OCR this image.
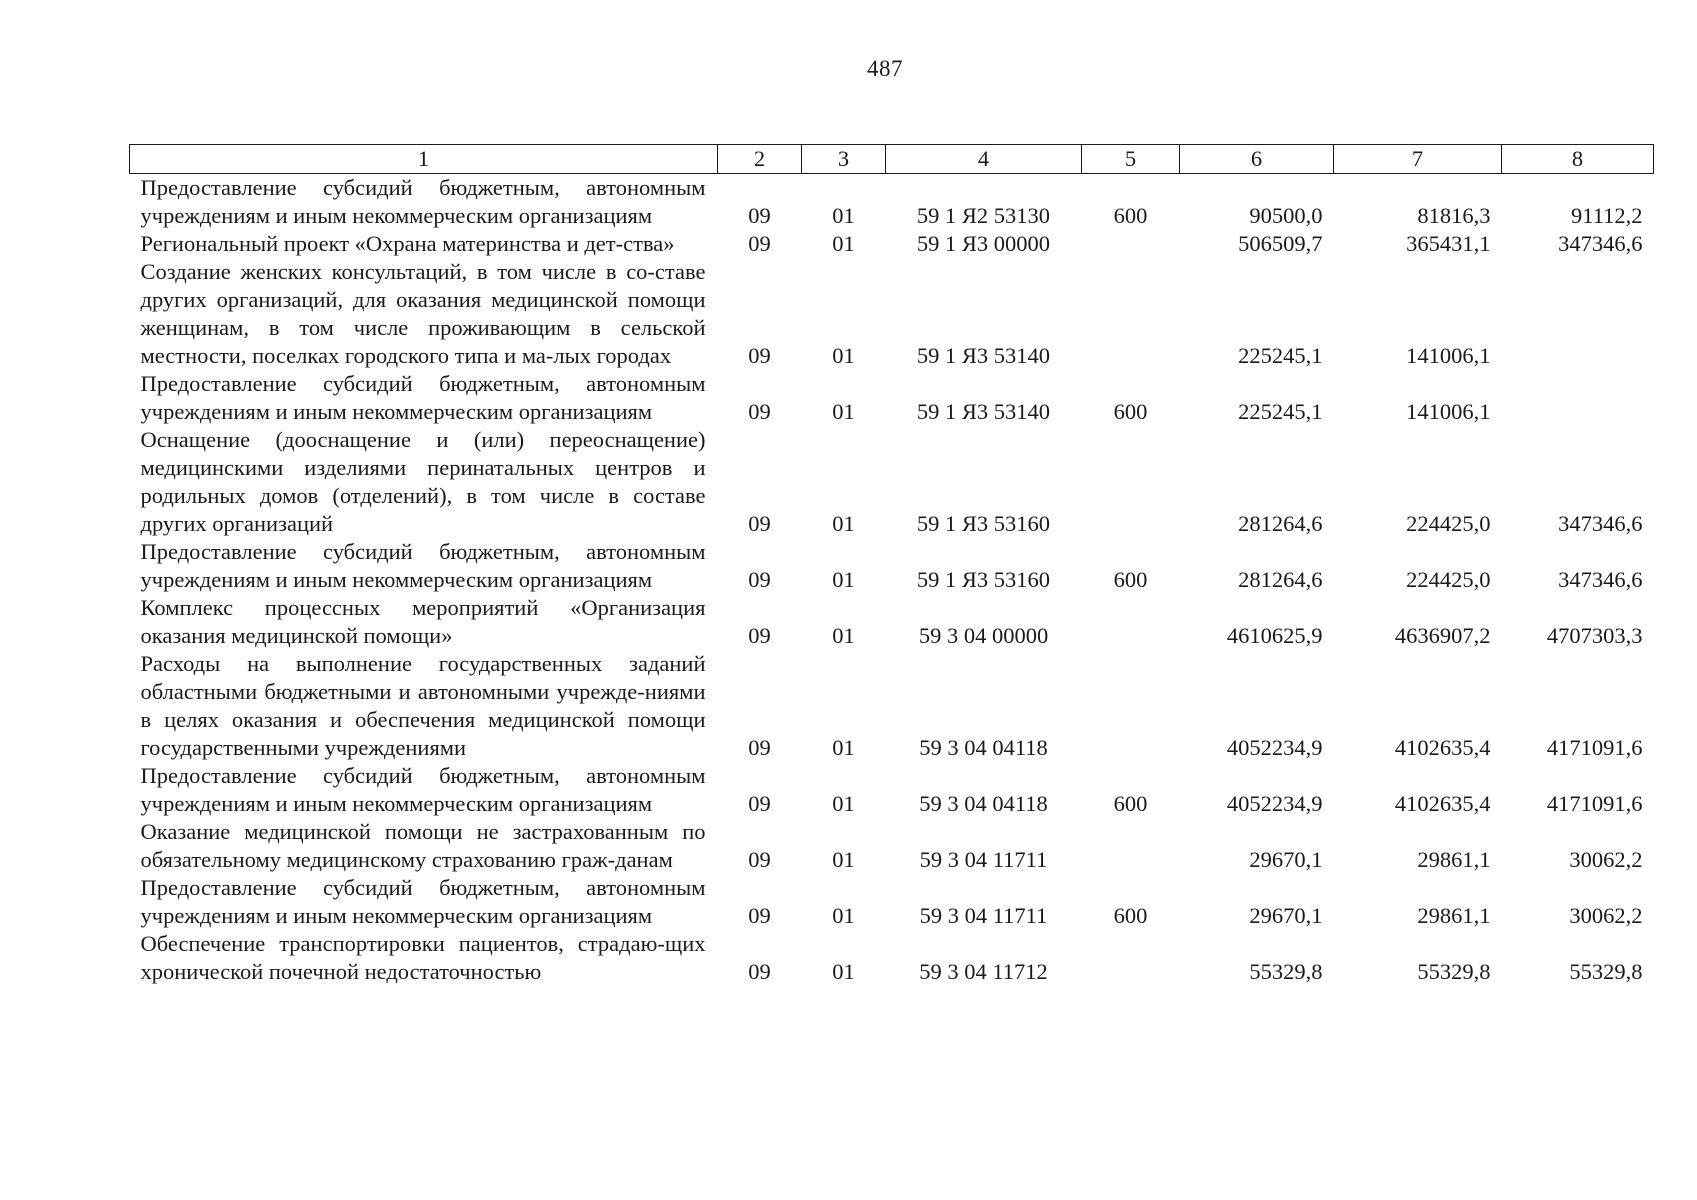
487
1	2	3	4	5	6	7	8
Предоставление субсидий бюджетным, автономным учреждениям и иным некоммерческим организациям	09	01	59 1 Я2 53130	600	90500,0	81816,3	91112,2
Региональный проект «Охрана материнства и дет-ства»	09	01	59 1 Я3 00000		506509,7	365431,1	347346,6
Создание женских консультаций, в том числе в со-ставе других организаций, для оказания медицинской помощи женщинам, в том числе проживающим в сельской местности, поселках городского типа и ма-лых городах	09	01	59 1 Я3 53140		225245,1	141006,1	
Предоставление субсидий бюджетным, автономным учреждениям и иным некоммерческим организациям	09	01	59 1 Я3 53140	600	225245,1	141006,1	
Оснащение (дооснащение и (или) переоснащение) медицинскими изделиями перинатальных центров и родильных домов (отделений), в том числе в составе других организаций	09	01	59 1 Я3 53160		281264,6	224425,0	347346,6
Предоставление субсидий бюджетным, автономным учреждениям и иным некоммерческим организациям	09	01	59 1 Я3 53160	600	281264,6	224425,0	347346,6
Комплекс процессных мероприятий «Организация оказания медицинской помощи»	09	01	59 3 04 00000		4610625,9	4636907,2	4707303,3
Расходы на выполнение государственных заданий областными бюджетными и автономными учрежде-ниями в целях оказания и обеспечения медицинской помощи государственными учреждениями	09	01	59 3 04 04118		4052234,9	4102635,4	4171091,6
Предоставление субсидий бюджетным, автономным учреждениям и иным некоммерческим организациям	09	01	59 3 04 04118	600	4052234,9	4102635,4	4171091,6
Оказание медицинской помощи не застрахованным по обязательному медицинскому страхованию граж-данам	09	01	59 3 04 11711		29670,1	29861,1	30062,2
Предоставление субсидий бюджетным, автономным учреждениям и иным некоммерческим организациям	09	01	59 3 04 11711	600	29670,1	29861,1	30062,2
Обеспечение транспортировки пациентов, страдаю-щих хронической почечной недостаточностью	09	01	59 3 04 11712		55329,8	55329,8	55329,8
